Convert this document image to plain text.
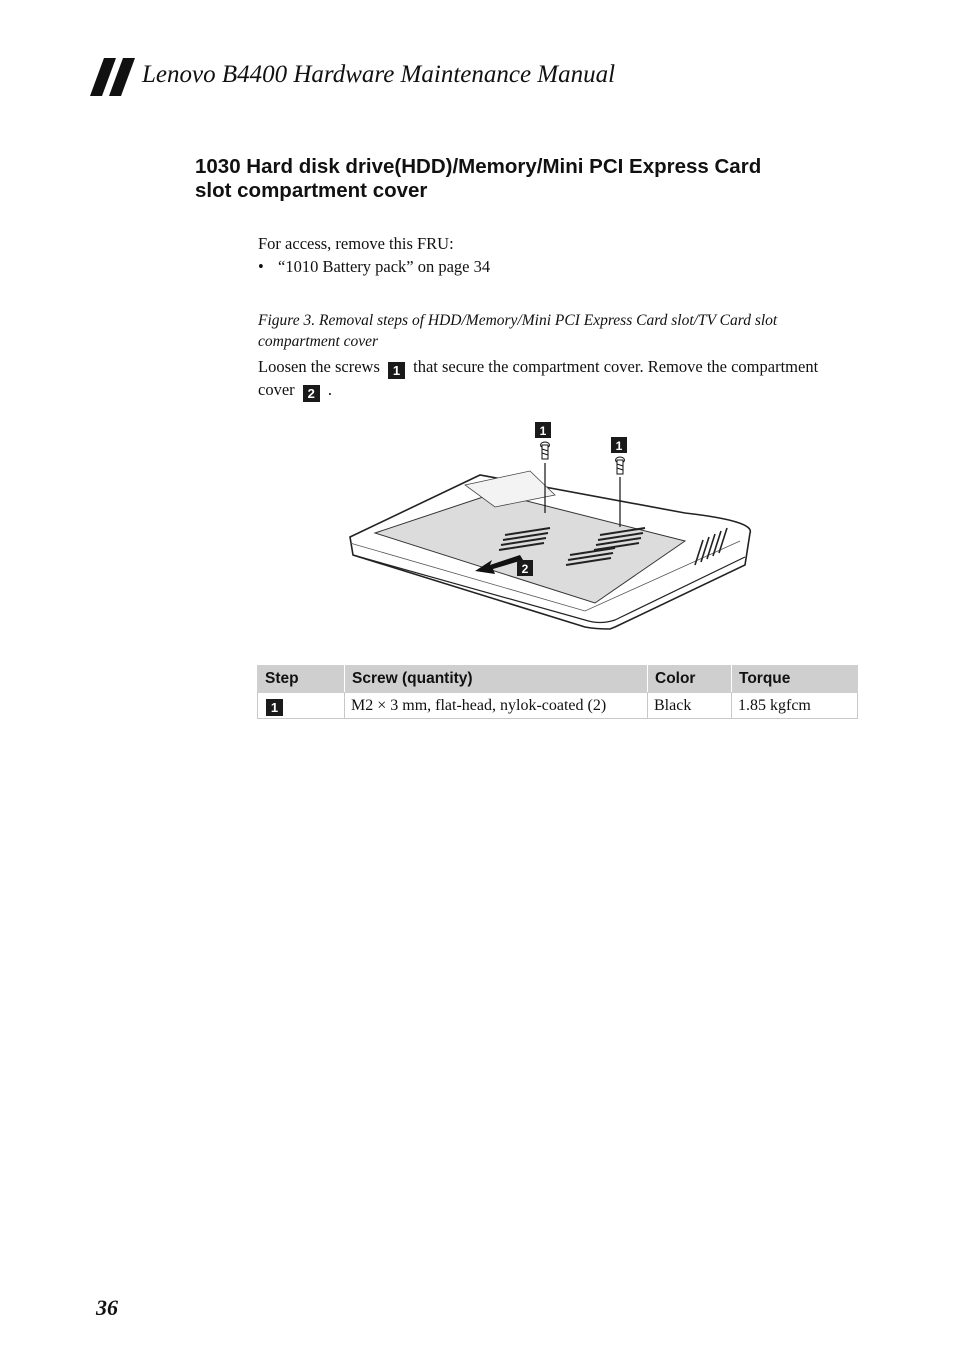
Lenovo B4400 Hardware Maintenance Manual
1030 Hard disk drive(HDD)/Memory/Mini PCI Express Card
slot compartment cover
For access, remove this FRU:
• “1010 Battery pack” on page 34
Figure 3. Removal steps of HDD/Memory/Mini PCI Express Card slot/TV Card slot compartment cover
Loosen the screws 1 that secure the compartment cover. Remove the compartment cover 2 .
1
1
2
Step	Screw (quantity)	Color	Torque
1	M2 × 3 mm, flat-head, nylok-coated (2)	Black	1.85 kgfcm
36
